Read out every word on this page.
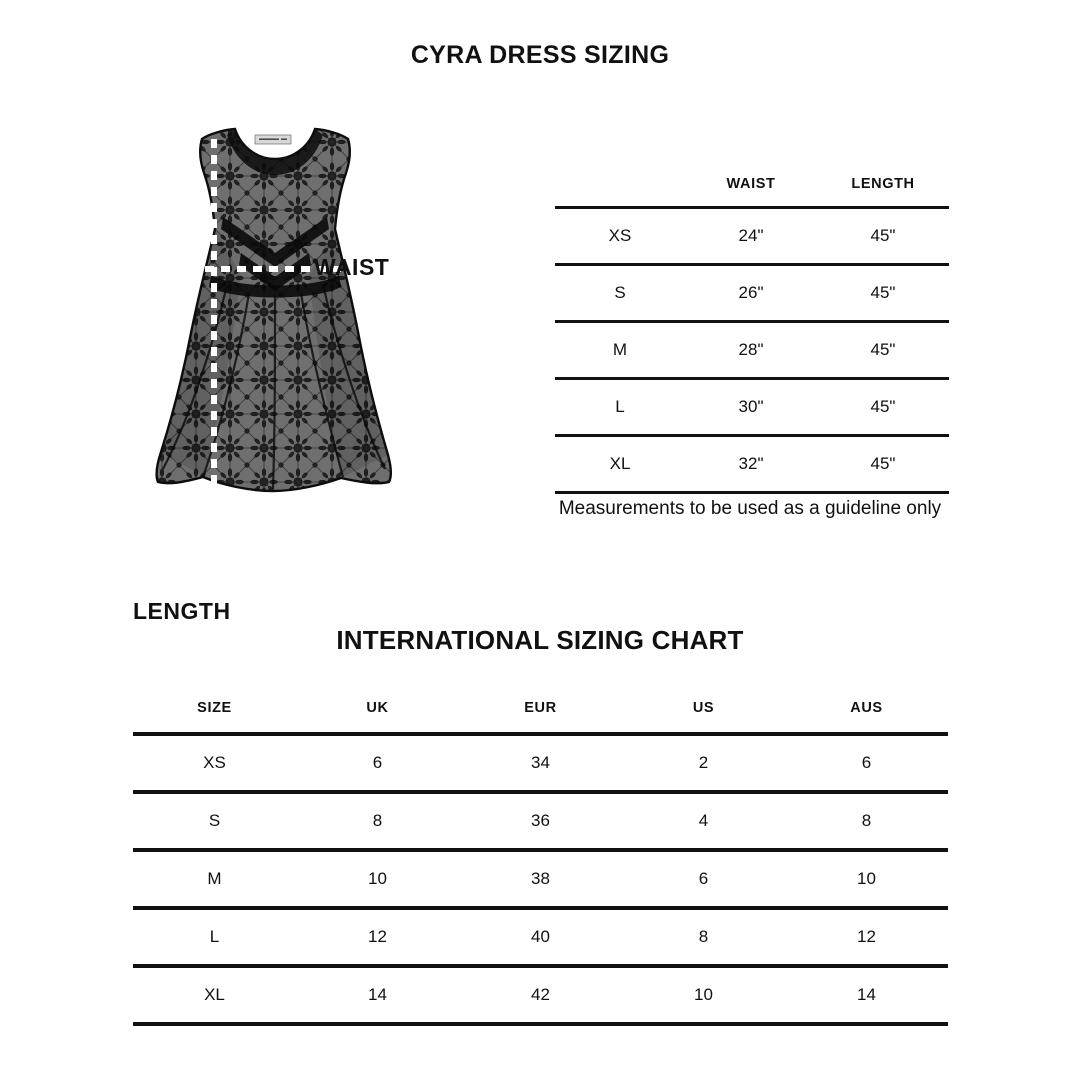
CYRA DRESS SIZING
WAIST
LENGTH
	WAIST	LENGTH
XS	24"	45"
S	26"	45"
M	28"	45"
L	30"	45"
XL	32"	45"
Measurements to be used as a guideline only
INTERNATIONAL SIZING CHART
SIZE	UK	EUR	US	AUS
XS	6	34	2	6
S	8	36	4	8
M	10	38	6	10
L	12	40	8	12
XL	14	42	10	14
